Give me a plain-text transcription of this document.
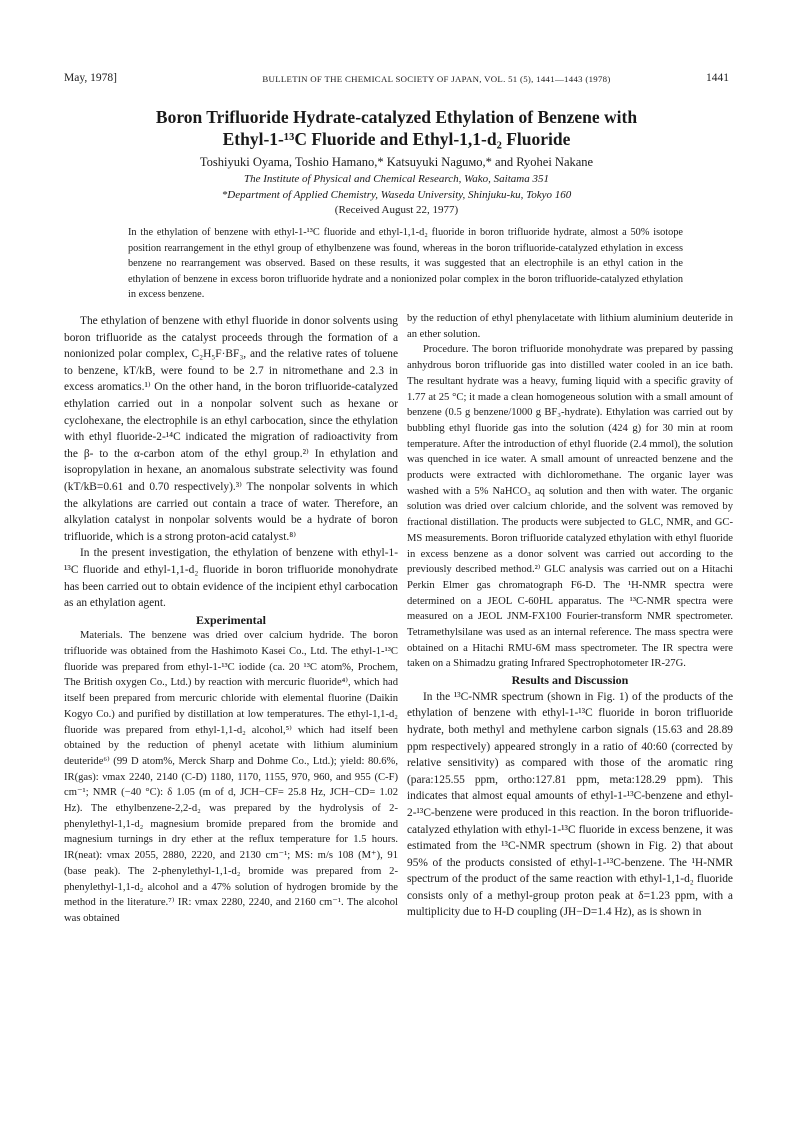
May, 1978]	BULLETIN OF THE CHEMICAL SOCIETY OF JAPAN, VOL. 51 (5), 1441—1443 (1978)	1441
Boron Trifluoride Hydrate-catalyzed Ethylation of Benzene with
Ethyl-1-¹³C Fluoride and Ethyl-1,1-d₂ Fluoride
Toshiyuki Oyama, Toshio Hamano,* Katsuyuki Naguмo,* and Ryohei Nakane
The Institute of Physical and Chemical Research, Wako, Saitama 351
*Department of Applied Chemistry, Waseda University, Shinjuku-ku, Tokyo 160
(Received August 22, 1977)
In the ethylation of benzene with ethyl-1-¹³C fluoride and ethyl-1,1-d₂ fluoride in boron trifluoride hydrate, almost a 50% isotope position rearrangement in the ethyl group of ethylbenzene was found, whereas in the boron trifluoride-catalyzed ethylation in excess benzene no rearrangement was observed. Based on these results, it was suggested that an electrophile is an ethyl cation in the ethylation of benzene in excess boron trifluoride hydrate and a nonionized polar complex in the boron trifluoride-catalyzed ethylation in excess benzene.

The ethylation of benzene with ethyl fluoride in donor solvents using boron trifluoride as the catalyst proceeds through the formation of a nonionized polar complex, C₂H₅F·BF₃, and the relative rates of toluene to benzene, kT/kB, were found to be 2.7 in nitromethane and 2.3 in excess aromatics.¹⁾ On the other hand, in the boron trifluoride-catalyzed ethylation carried out in a nonpolar solvent such as hexane or cyclohexane, the electrophile is an ethyl carbocation, since the ethylation with ethyl fluoride-2-¹⁴C indicated the migration of radioactivity from the β- to the α-carbon atom of the ethyl group.²⁾ In ethylation and isopropylation in hexane, an anomalous substrate selectivity was found (kT/kB=0.61 and 0.70 respectively).³⁾ The nonpolar solvents in which the alkylations are carried out contain a trace of water. Therefore, an alkylation catalyst in nonpolar solvents would be a hydrate of boron trifluoride, which is a strong proton-acid catalyst.⁸⁾

In the present investigation, the ethylation of benzene with ethyl-1-¹³C fluoride and ethyl-1,1-d₂ fluoride in boron trifluoride monohydrate has been carried out to obtain evidence of the incipient ethyl carbocation as an ethylation agent.

Experimental

Materials. The benzene was dried over calcium hydride. The boron trifluoride was obtained from the Hashimoto Kasei Co., Ltd. The ethyl-1-¹³C fluoride was prepared from ethyl-1-¹³C iodide (ca. 20 ¹³C atom%, Prochem, The British oxygen Co., Ltd.) by reaction with mercuric fluoride⁴⁾, which had itself been prepared from mercuric chloride with elemental fluorine (Daikin Kogyo Co.) and purified by distillation at low temperatures. The ethyl-1,1-d₂ fluoride was prepared from ethyl-1,1-d₂ alcohol,⁵⁾ which had itself been obtained by the reduction of phenyl acetate with lithium aluminium deuteride⁶⁾ (99 D atom%, Merck Sharp and Dohme Co., Ltd.); yield: 80.6%, IR(gas): νmax 2240, 2140 (C-D) 1180, 1170, 1155, 970, 960, and 955 (C-F) cm⁻¹; NMR (−40 °C): δ 1.05 (m of d, JCH−CF= 25.8 Hz, JCH−CD= 1.02 Hz). The ethylbenzene-2,2-d₂ was prepared by the hydrolysis of 2-phenylethyl-1,1-d₂ magnesium bromide prepared from the bromide and magnesium turnings in dry ether at the reflux temperature for 1.5 hours. IR(neat): νmax 2055, 2880, 2220, and 2130 cm⁻¹; MS: m/s 108 (M⁺), 91 (base peak). The 2-phenylethyl-1,1-d₂ bromide was prepared from 2-phenylethyl-1,1-d₂ alcohol and a 47% solution of hydrogen bromide by the method in the literature.⁷⁾ IR: νmax 2280, 2240, and 2160 cm⁻¹. The alcohol was obtained

by the reduction of ethyl phenylacetate with lithium aluminium deuteride in an ether solution.

Procedure. The boron trifluoride monohydrate was prepared by passing anhydrous boron trifluoride gas into distilled water cooled in an ice bath. The resultant hydrate was a heavy, fuming liquid with a specific gravity of 1.77 at 25 °C; it made a clean homogeneous solution with a small amount of benzene (0.5 g benzene/1000 g BF₃-hydrate). Ethylation was carried out by bubbling ethyl fluoride gas into the solution (424 g) for 30 min at room temperature. After the introduction of ethyl fluoride (2.4 mmol), the solution was quenched in ice water. A small amount of unreacted benzene and the products were extracted with dichloromethane. The organic layer was washed with a 5% NaHCO₃ aq solution and then with water. The organic solution was dried over calcium chloride, and the solvent was removed by fractional distillation. The products were subjected to GLC, NMR, and GC-MS measurements. Boron trifluoride catalyzed ethylation with ethyl fluoride in excess benzene as a donor solvent was carried out according to the previously described method.²⁾ GLC analysis was carried out on a Hitachi Perkin Elmer gas chromatograph F6-D. The ¹H-NMR spectra were determined on a JEOL C-60HL apparatus. The ¹³C-NMR spectra were measured on a JEOL JNM-FX100 Fourier-transform NMR spectrometer. Tetramethylsilane was used as an internal reference. The mass spectra were obtained on a Hitachi RMU-6M mass spectrometer. The IR spectra were taken on a Shimadzu grating Infrared Spectrophotometer IR-27G.

Results and Discussion

In the ¹³C-NMR spectrum (shown in Fig. 1) of the products of the ethylation of benzene with ethyl-1-¹³C fluoride in boron trifluoride hydrate, both methyl and methylene carbon signals (15.63 and 28.89 ppm respectively) appeared strongly in a ratio of 40:60 (corrected by relative sensitivity) as compared with those of the aromatic ring (para:125.55 ppm, ortho:127.81 ppm, meta:128.29 ppm). This indicates that almost equal amounts of ethyl-1-¹³C-benzene and ethyl-2-¹³C-benzene were produced in this reaction. In the boron trifluoride-catalyzed ethylation with ethyl-1-¹³C fluoride in excess benzene, it was estimated from the ¹³C-NMR spectrum (shown in Fig. 2) that about 95% of the products consisted of ethyl-1-¹³C-benzene. The ¹H-NMR spectrum of the product of the same reaction with ethyl-1,1-d₂ fluoride consists only of a methyl-group proton peak at δ=1.23 ppm, with a multiplicity due to H-D coupling (JH−D=1.4 Hz), as is shown in
